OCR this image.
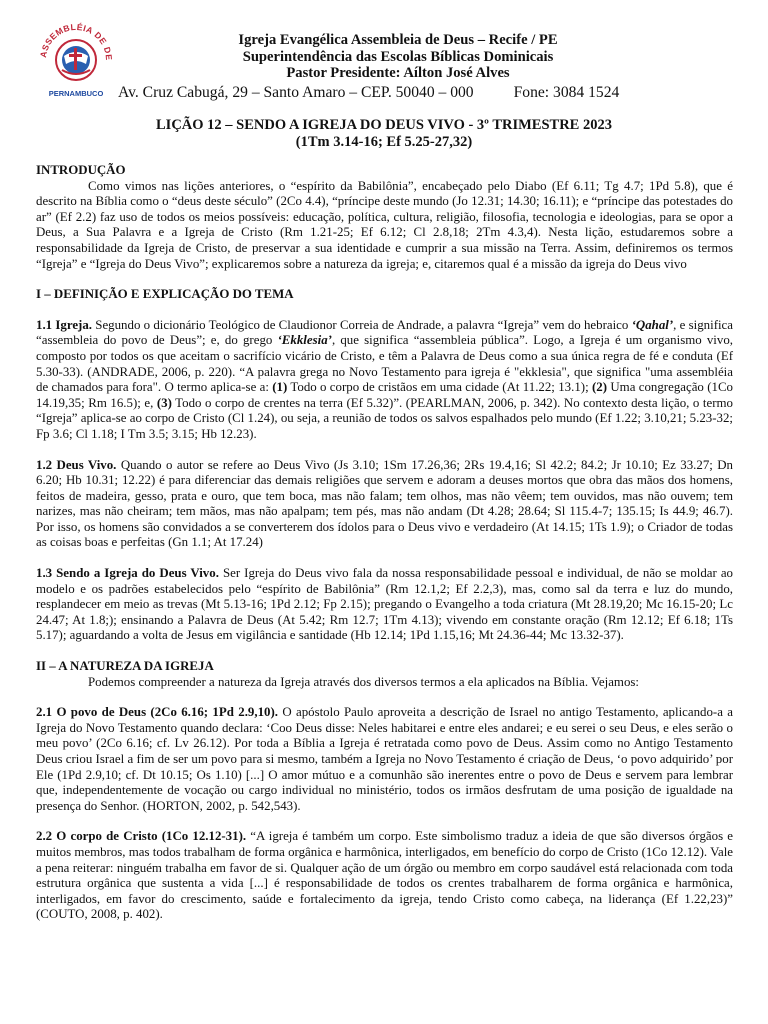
ASSEMBLÉIA DE DE
PERNAMBUCO
Igreja Evangélica Assembleia de Deus – Recife / PE
Superintendência das Escolas Bíblicas Dominicais
Pastor Presidente: Aílton José Alves
Av. Cruz Cabugá, 29 – Santo Amaro – CEP. 50040 – 000	Fone: 3084 1524
LIÇÃO 12 – SENDO A IGREJA DO DEUS VIVO - 3º TRIMESTRE 2023
(1Tm 3.14-16; Ef 5.25-27,32)
INTRODUÇÃO

Como vimos nas lições anteriores, o “espírito da Babilônia”, encabeçado pelo Diabo (Ef 6.11; Tg 4.7; 1Pd 5.8), que é descrito na Bíblia como o “deus deste século” (2Co 4.4), “príncipe deste mundo (Jo 12.31; 14.30; 16.11); e “príncipe das potestades do ar” (Ef 2.2) faz uso de todos os meios possíveis: educação, política, cultura, religião, filosofia, tecnologia e ideologias, para se opor a Deus, a Sua Palavra e a Igreja de Cristo (Rm 1.21-25; Ef 6.12; Cl 2.8,18; 2Tm 4.3,4). Nesta lição, estudaremos sobre a responsabilidade da Igreja de Cristo, de preservar a sua identidade e cumprir a sua missão na Terra. Assim, definiremos os termos “Igreja” e “Igreja do Deus Vivo”; explicaremos sobre a natureza da igreja; e, citaremos qual é a missão da igreja do Deus vivo

I – DEFINIÇÃO E EXPLICAÇÃO DO TEMA

1.1 Igreja. Segundo o dicionário Teológico de Claudionor Correia de Andrade, a palavra “Igreja” vem do hebraico ‘Qahal’, e significa “assembleia do povo de Deus”; e, do grego ‘Ekklesia’, que significa “assembleia pública”. Logo, a Igreja é um organismo vivo, composto por todos os que aceitam o sacrifício vicário de Cristo, e têm a Palavra de Deus como a sua única regra de fé e conduta (Ef 5.30-33). (ANDRADE, 2006, p. 220). “A palavra grega no Novo Testamento para igreja é "ekklesia", que significa "uma assembléia de chamados para fora". O termo aplica-se a: (1) Todo o corpo de cristãos em uma cidade (At 11.22; 13.1); (2) Uma congregação (1Co 14.19,35; Rm 16.5); e, (3) Todo o corpo de crentes na terra (Ef 5.32)”. (PEARLMAN, 2006, p. 342). No contexto desta lição, o termo “Igreja” aplica-se ao corpo de Cristo (Cl 1.24), ou seja, a reunião de todos os salvos espalhados pelo mundo (Ef 1.22; 3.10,21; 5.23-32; Fp 3.6; Cl 1.18; I Tm 3.5; 3.15; Hb 12.23).

1.2 Deus Vivo. Quando o autor se refere ao Deus Vivo (Js 3.10; 1Sm 17.26,36; 2Rs 19.4,16; Sl 42.2; 84.2; Jr 10.10; Ez 33.27; Dn 6.20; Hb 10.31; 12.22) é para diferenciar das demais religiões que servem e adoram a deuses mortos que obra das mãos dos homens, feitos de madeira, gesso, prata e ouro, que tem boca, mas não falam; tem olhos, mas não vêem; tem ouvidos, mas não ouvem; tem narizes, mas não cheiram; tem mãos, mas não apalpam; tem pés, mas não andam (Dt 4.28; 28.64; Sl 115.4-7; 135.15; Is 44.9; 46.7). Por isso, os homens são convidados a se converterem dos ídolos para o Deus vivo e verdadeiro (At 14.15; 1Ts 1.9); o Criador de todas as coisas boas e perfeitas (Gn 1.1; At 17.24)

1.3 Sendo a Igreja do Deus Vivo. Ser Igreja do Deus vivo fala da nossa responsabilidade pessoal e individual, de não se moldar ao modelo e os padrões estabelecidos pelo “espírito de Babilônia” (Rm 12.1,2; Ef 2.2,3), mas, como sal da terra e luz do mundo, resplandecer em meio as trevas (Mt 5.13-16; 1Pd 2.12; Fp 2.15); pregando o Evangelho a toda criatura (Mt 28.19,20; Mc 16.15-20; Lc 24.47; At 1.8;); ensinando a Palavra de Deus (At 5.42; Rm 12.7; 1Tm 4.13); vivendo em constante oração (Rm 12.12; Ef 6.18; 1Ts 5.17); aguardando a volta de Jesus em vigilância e santidade (Hb 12.14; 1Pd 1.15,16; Mt 24.36-44; Mc 13.32-37).

II – A NATUREZA DA IGREJA

Podemos compreender a natureza da Igreja através dos diversos termos a ela aplicados na Bíblia. Vejamos:

2.1 O povo de Deus (2Co 6.16; 1Pd 2.9,10). O apóstolo Paulo aproveita a descrição de Israel no antigo Testamento, aplicando-a a Igreja do Novo Testamento quando declara: ‘Coo Deus disse: Neles habitarei e entre eles andarei; e eu serei o seu Deus, e eles serão o meu povo’ (2Co 6.16; cf. Lv 26.12). Por toda a Bíblia a Igreja é retratada como povo de Deus. Assim como no Antigo Testamento Deus criou Israel a fim de ser um povo para si mesmo, também a Igreja no Novo Testamento é criação de Deus, ‘o povo adquirido’ por Ele (1Pd 2.9,10; cf. Dt 10.15; Os 1.10) [...] O amor mútuo e a comunhão são inerentes entre o povo de Deus e servem para lembrar que, independentemente de vocação ou cargo individual no ministério, todos os irmãos desfrutam de uma posição de igualdade na presença do Senhor. (HORTON, 2002, p. 542,543).

2.2 O corpo de Cristo (1Co 12.12-31). “A igreja é também um corpo. Este simbolismo traduz a ideia de que são diversos órgãos e muitos membros, mas todos trabalham de forma orgânica e harmônica, interligados, em benefício do corpo de Cristo (1Co 12.12). Vale a pena reiterar: ninguém trabalha em favor de si. Qualquer ação de um órgão ou membro em corpo saudável está relacionada com toda estrutura orgânica que sustenta a vida [...] é responsabilidade de todos os crentes trabalharem de forma orgânica e harmônica, interligados, em favor do crescimento, saúde e fortalecimento da igreja, tendo Cristo como cabeça, na liderança (Ef 1.22,23)” (COUTO, 2008, p. 402).
